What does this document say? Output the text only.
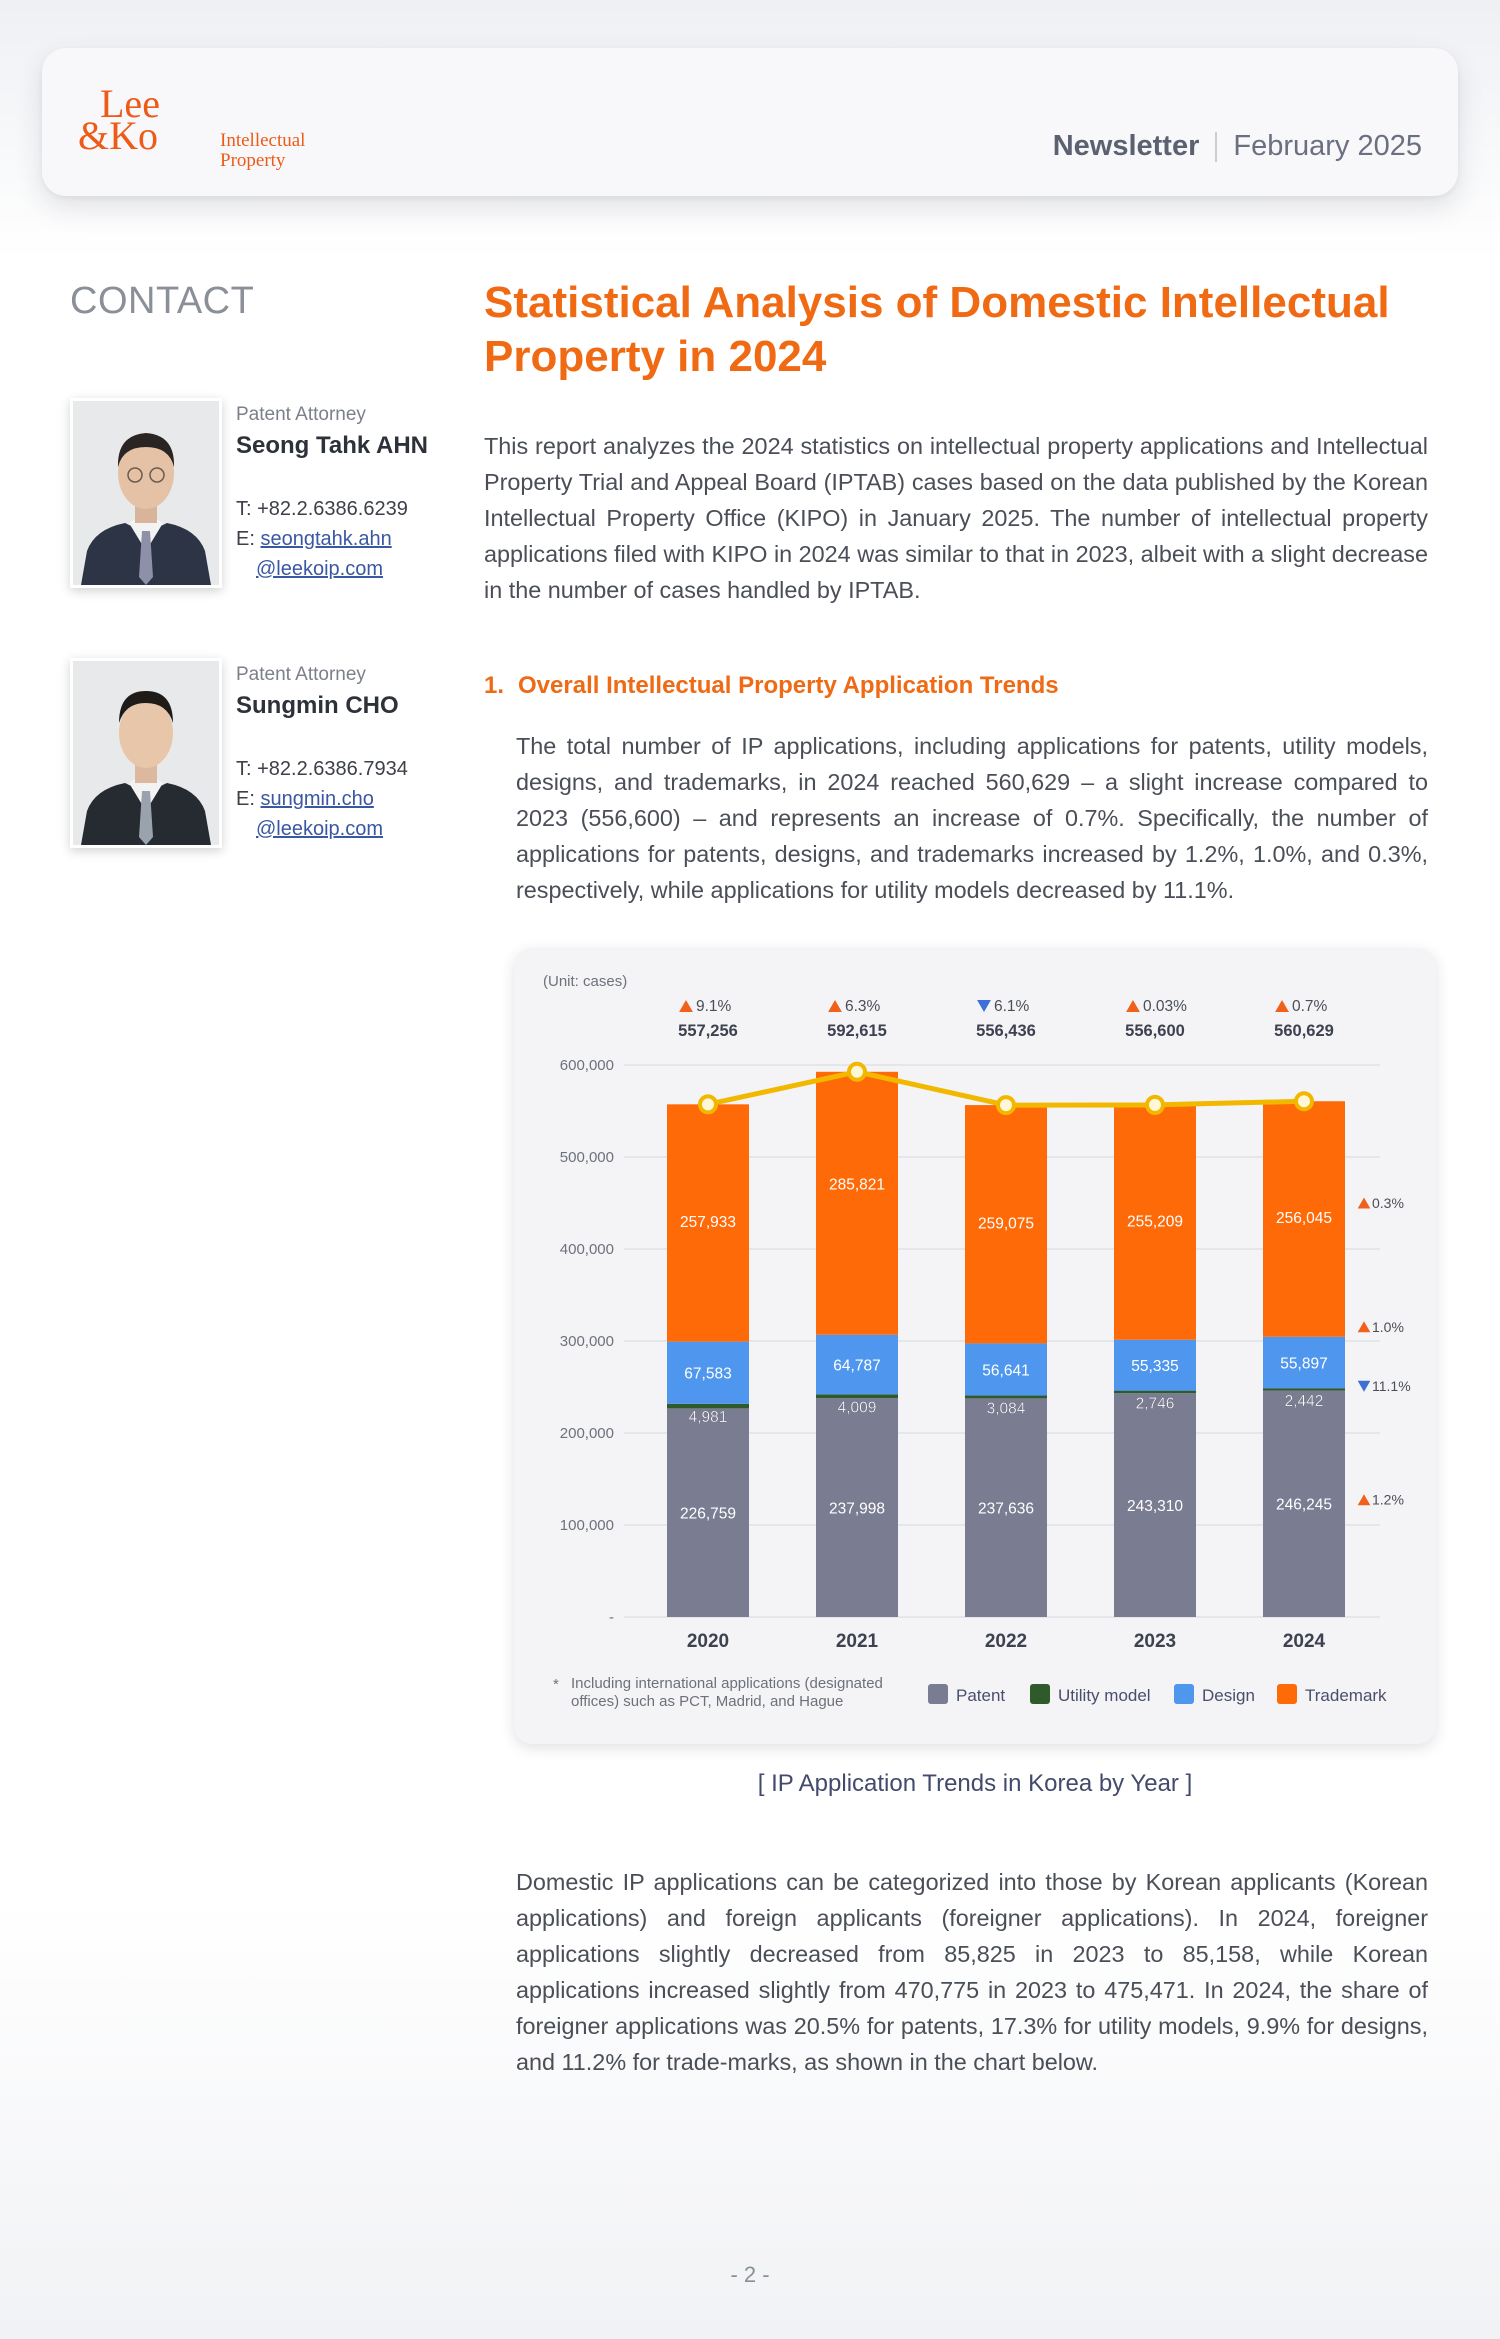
Lee
&Ko	Intellectual
Property	Newsletter February 2025
CONTACT
Patent Attorney
Seong Tahk AHN
T: +82.2.6386.6239
E: seongtahk.ahn
@leekoip.com
Patent Attorney
Sungmin CHO
T: +82.2.6386.7934
E: sungmin.cho
@leekoip.com
Statistical Analysis of Domestic Intellectual Property in 2024

This report analyzes the 2024 statistics on intellectual property applications and Intellectual Property Trial and Appeal Board (IPTAB) cases based on the data published by the Korean Intellectual Property Office (KIPO) in January 2025. The number of intellectual property applications filed with KIPO in 2024 was similar to that in 2023, albeit with a slight decrease in the number of cases handled by IPTAB.

1. Overall Intellectual Property Application Trends

The total number of IP applications, including applications for patents, utility models, designs, and trademarks, in 2024 reached 560,629 – a slight increase compared to 2023 (556,600) – and represents an increase of 0.7%. Specifically, the number of applications for patents, designs, and trademarks increased by 1.2%, 1.0%, and 0.3%, respectively, while applications for utility models decreased by 11.1%.

(Unit: cases)
-
100,000
200,000
300,000
400,000
500,000
600,000
226,759
4,981
67,583
257,933
237,998
4,009
64,787
285,821
237,636
3,084
56,641
259,075
243,310
2,746
55,335
255,209
246,245
2,442
55,897
256,045
2020	2021	2022	2023	2024
9.1%
557,256
6.3%
592,615
6.1%
556,436
0.03%
556,600
0.7%
560,629
0.3%
1.0%
11.1%
1.2%
* Including international applications (designated
offices) such as PCT, Madrid, and Hague	Patent	Utility model	Design	Trademark
[ IP Application Trends in Korea by Year ]

Domestic IP applications can be categorized into those by Korean applicants (Korean applications) and foreign applicants (foreigner applications). In 2024, foreigner applications slightly decreased from 85,825 in 2023 to 85,158, while Korean applications increased slightly from 470,775 in 2023 to 475,471. In 2024, the share of foreigner applications was 20.5% for patents, 17.3% for utility models, 9.9% for designs, and 11.2% for trade-marks, as shown in the chart below.

- 2 -
